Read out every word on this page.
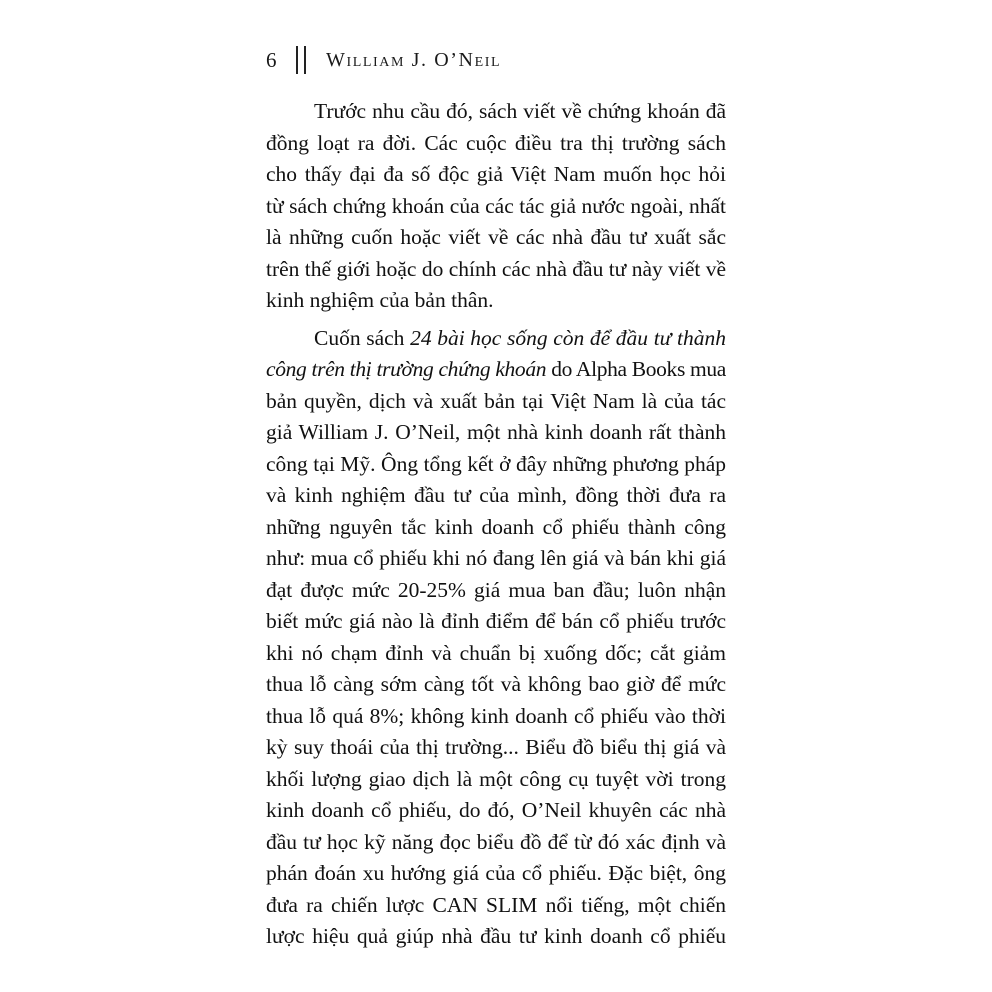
6	William J. O’Neil
Trước nhu cầu đó, sách viết về chứng khoán đã
đồng loạt ra đời. Các cuộc điều tra thị trường sách
cho thấy đại đa số độc giả Việt Nam muốn học hỏi
từ sách chứng khoán của các tác giả nước ngoài, nhất
là những cuốn hoặc viết về các nhà đầu tư xuất sắc
trên thế giới hoặc do chính các nhà đầu tư này viết về
kinh nghiệm của bản thân.
Cuốn sách 24 bài học sống còn để đầu tư thành
công trên thị trường chứng khoán do Alpha Books mua
bản quyền, dịch và xuất bản tại Việt Nam là của tác
giả William J. O’Neil, một nhà kinh doanh rất thành
công tại Mỹ. Ông tổng kết ở đây những phương pháp
và kinh nghiệm đầu tư của mình, đồng thời đưa ra
những nguyên tắc kinh doanh cổ phiếu thành công
như: mua cổ phiếu khi nó đang lên giá và bán khi giá
đạt được mức 20-25% giá mua ban đầu; luôn nhận
biết mức giá nào là đỉnh điểm để bán cổ phiếu trước
khi nó chạm đỉnh và chuẩn bị xuống dốc; cắt giảm
thua lỗ càng sớm càng tốt và không bao giờ để mức
thua lỗ quá 8%; không kinh doanh cổ phiếu vào thời
kỳ suy thoái của thị trường... Biểu đồ biểu thị giá và
khối lượng giao dịch là một công cụ tuyệt vời trong
kinh doanh cổ phiếu, do đó, O’Neil khuyên các nhà
đầu tư học kỹ năng đọc biểu đồ để từ đó xác định và
phán đoán xu hướng giá của cổ phiếu. Đặc biệt, ông
đưa ra chiến lược CAN SLIM nổi tiếng, một chiến
lược hiệu quả giúp nhà đầu tư kinh doanh cổ phiếu
